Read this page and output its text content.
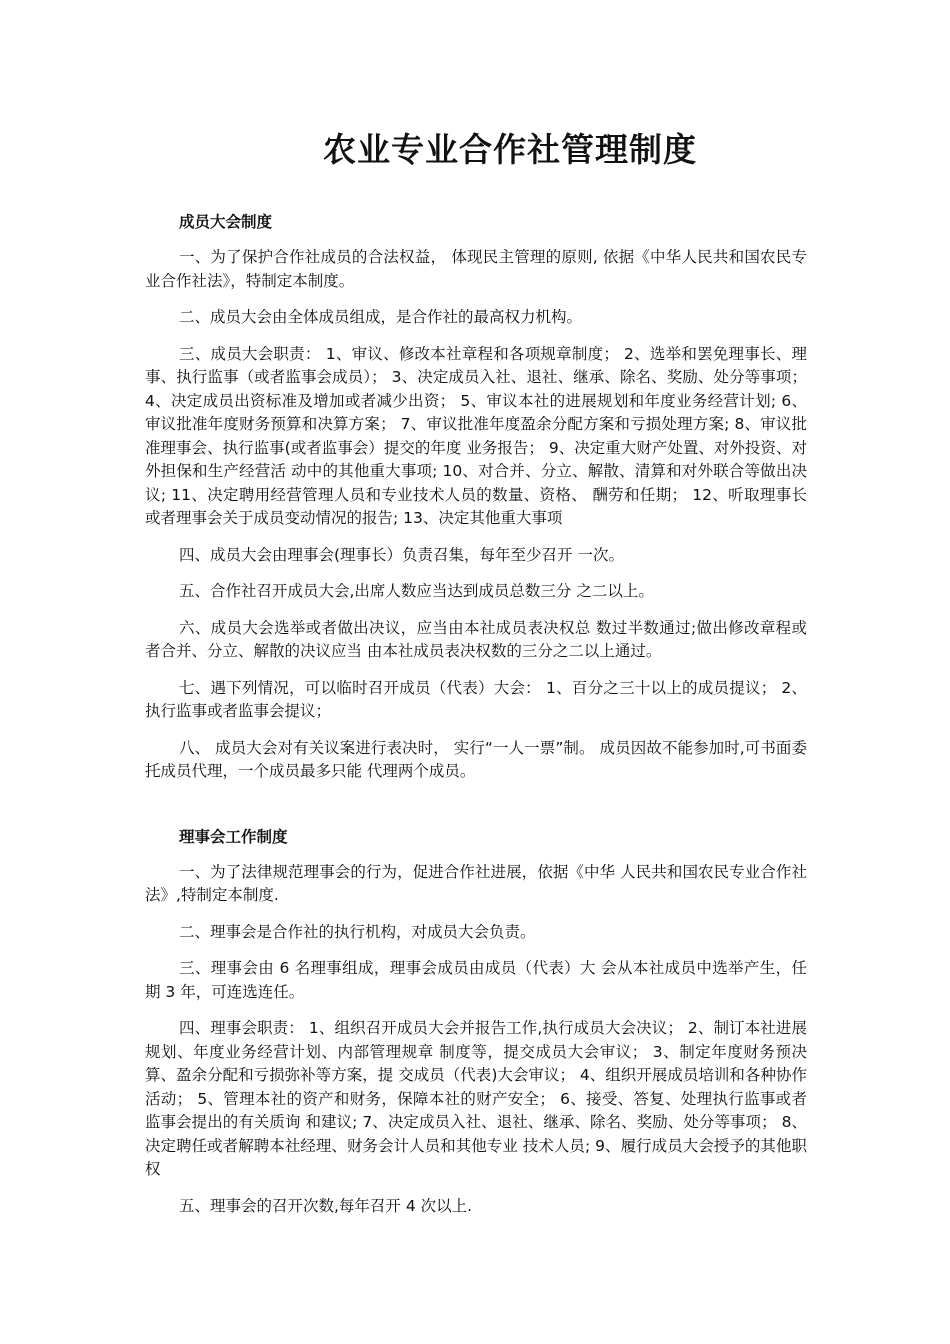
农业专业合作社管理制度
成员大会制度

一、为了保护合作社成员的合法权益， 体现民主管理的原则, 依据《中华人民共和国农民专业合作社法》，特制定本制度。

二、成员大会由全体成员组成，是合作社的最高权力机构。

三、成员大会职责： 1、审议、修改本社章程和各项规章制度； 2、选举和罢免理事长、理事、执行监事（或者监事会成员）； 3、决定成员入社、退社、继承、除名、奖励、处分等事项； 4、决定成员出资标准及增加或者减少出资； 5、审议本社的进展规划和年度业务经营计划; 6、审议批准年度财务预算和决算方案； 7、审议批准年度盈余分配方案和亏损处理方案; 8、审议批准理事会、执行监事(或者监事会）提交的年度 业务报告； 9、决定重大财产处置、对外投资、对外担保和生产经营活 动中的其他重大事项; 10、对合并、分立、解散、清算和对外联合等做出决议; 11、决定聘用经营管理人员和专业技术人员的数量、资格、 酬劳和任期； 12、听取理事长或者理事会关于成员变动情况的报告; 13、决定其他重大事项

四、成员大会由理事会(理事长）负责召集，每年至少召开 一次。

五、合作社召开成员大会,出席人数应当达到成员总数三分 之二以上。

六、成员大会选举或者做出决议，应当由本社成员表决权总 数过半数通过;做出修改章程或者合并、分立、解散的决议应当 由本社成员表决权数的三分之二以上通过。

七、遇下列情况，可以临时召开成员（代表）大会： 1、百分之三十以上的成员提议； 2、执行监事或者监事会提议；

八、 成员大会对有关议案进行表决时， 实行“一人一票”制。 成员因故不能参加时,可书面委托成员代理，一个成员最多只能 代理两个成员。

理事会工作制度

一、为了法律规范理事会的行为，促进合作社进展，依据《中华 人民共和国农民专业合作社法》,特制定本制度.

二、理事会是合作社的执行机构，对成员大会负责。

三、理事会由 6 名理事组成，理事会成员由成员（代表）大 会从本社成员中选举产生，任期 3 年，可连选连任。

四、理事会职责： 1、组织召开成员大会并报告工作,执行成员大会决议； 2、制订本社进展规划、年度业务经营计划、内部管理规章 制度等，提交成员大会审议； 3、制定年度财务预决算、盈余分配和亏损弥补等方案，提 交成员（代表)大会审议； 4、组织开展成员培训和各种协作活动； 5、管理本社的资产和财务，保障本社的财产安全； 6、接受、答复、处理执行监事或者监事会提出的有关质询 和建议; 7、决定成员入社、退社、继承、除名、奖励、处分等事项； 8、决定聘任或者解聘本社经理、财务会计人员和其他专业 技术人员; 9、履行成员大会授予的其他职权

五、理事会的召开次数,每年召开 4 次以上.
